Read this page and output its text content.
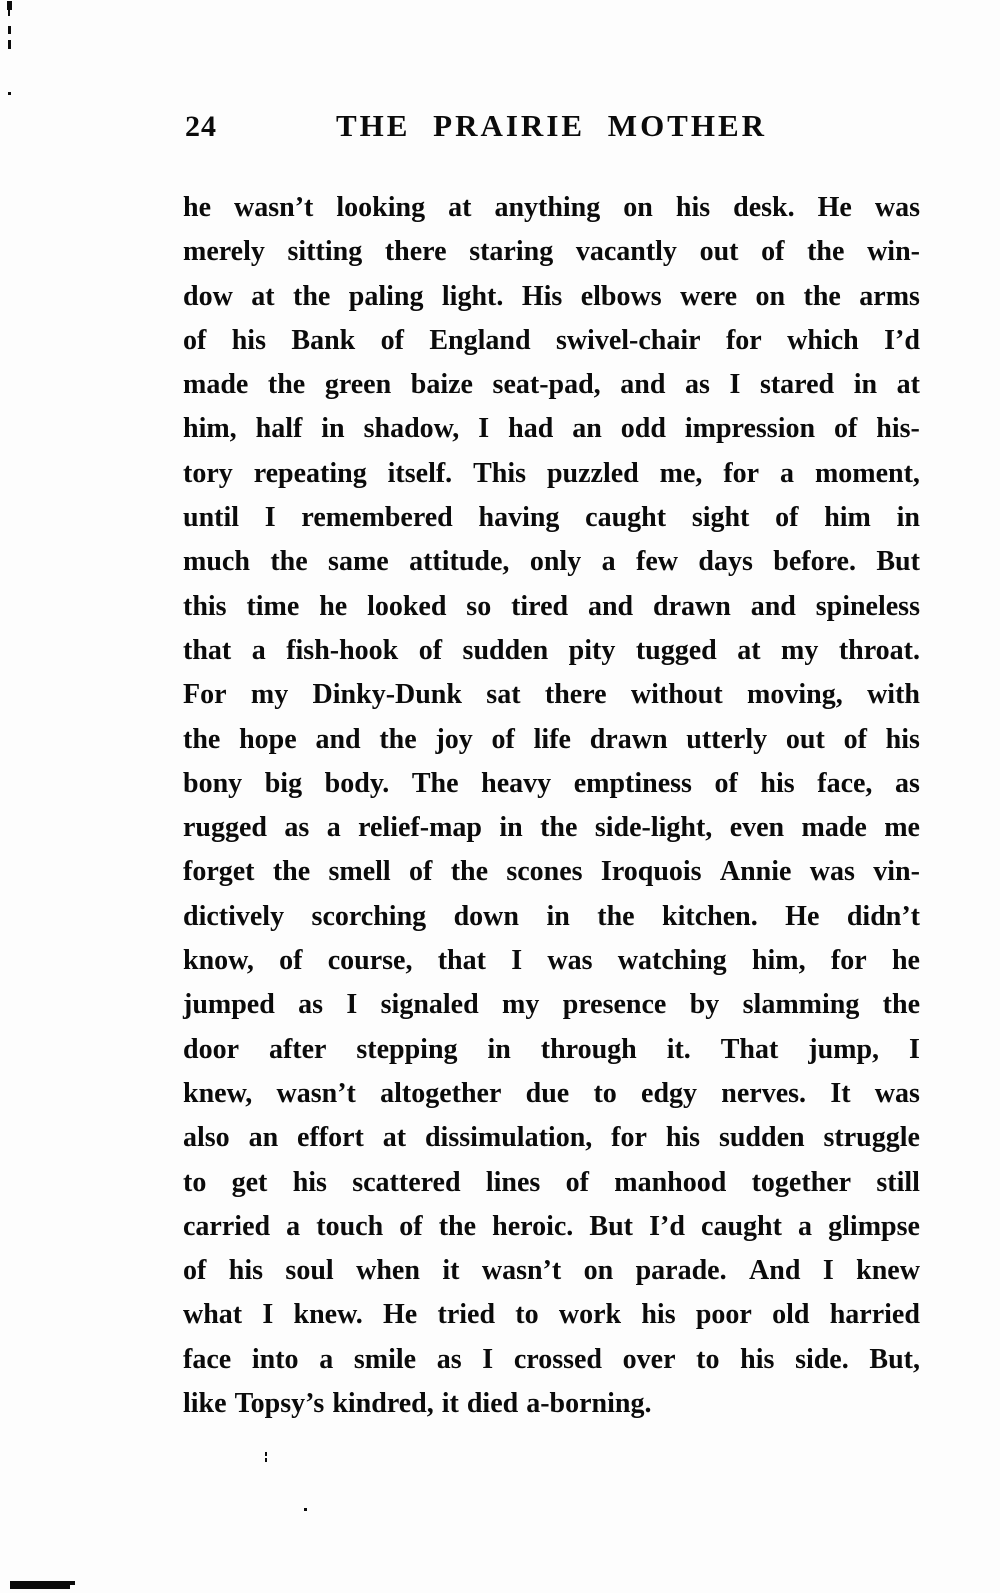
24	THE PRAIRIE MOTHER
he wasn’t looking at anything on his desk. He was
merely sitting there staring vacantly out of the win-
dow at the paling light. His elbows were on the arms
of his Bank of England swivel-chair for which I’d
made the green baize seat-pad, and as I stared in at
him, half in shadow, I had an odd impression of his-
tory repeating itself. This puzzled me, for a moment,
until I remembered having caught sight of him in
much the same attitude, only a few days before. But
this time he looked so tired and drawn and spineless
that a fish-hook of sudden pity tugged at my throat.
For my Dinky-Dunk sat there without moving, with
the hope and the joy of life drawn utterly out of his
bony big body. The heavy emptiness of his face, as
rugged as a relief-map in the side-light, even made me
forget the smell of the scones Iroquois Annie was vin-
dictively scorching down in the kitchen. He didn’t
know, of course, that I was watching him, for he
jumped as I signaled my presence by slamming the
door after stepping in through it. That jump, I
knew, wasn’t altogether due to edgy nerves. It was
also an effort at dissimulation, for his sudden struggle
to get his scattered lines of manhood together still
carried a touch of the heroic. But I’d caught a glimpse
of his soul when it wasn’t on parade. And I knew
what I knew. He tried to work his poor old harried
face into a smile as I crossed over to his side. But,
like Topsy’s kindred, it died a-borning.
